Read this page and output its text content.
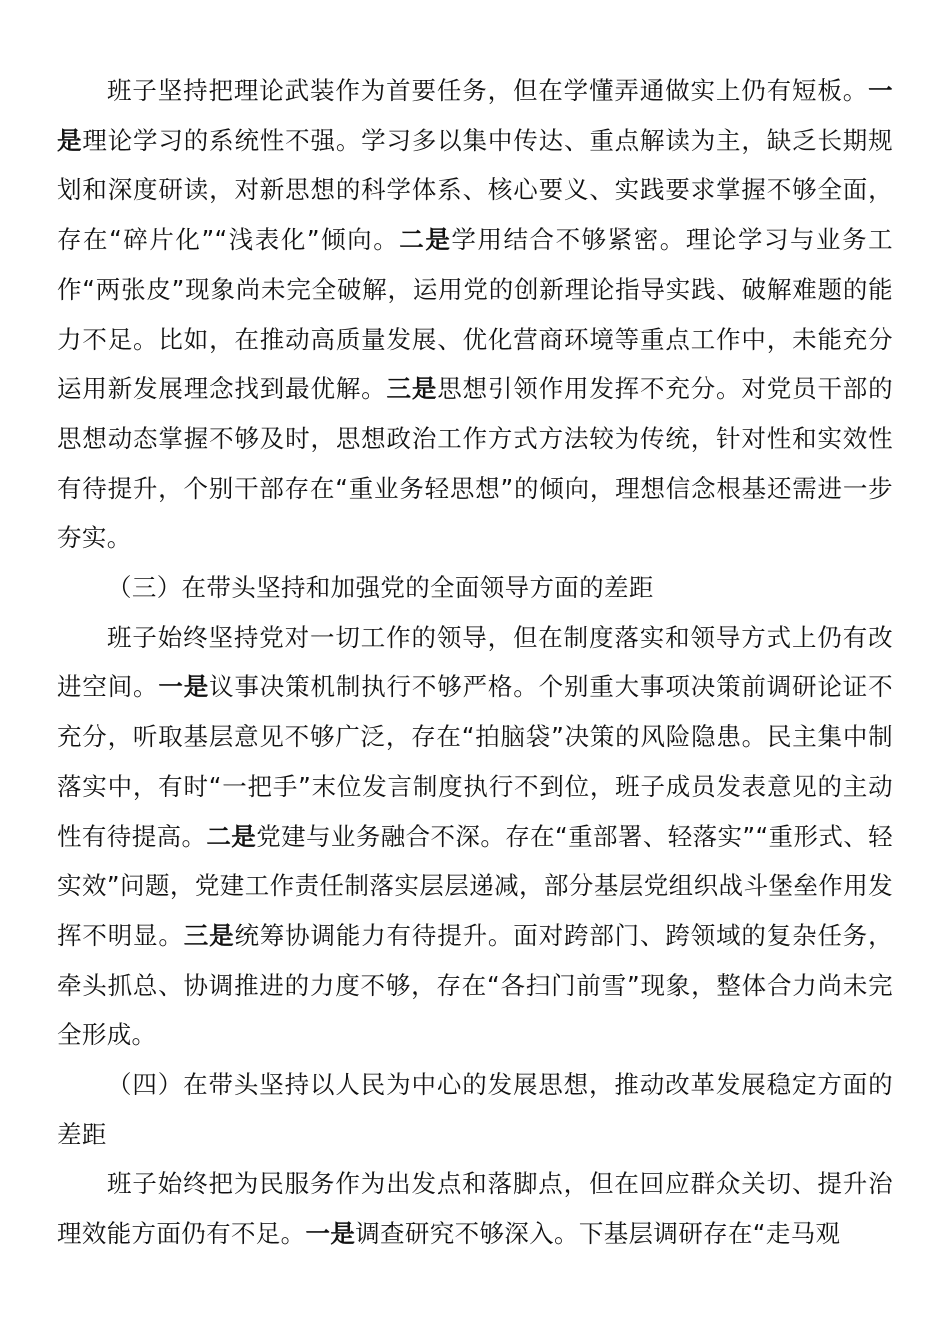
班子坚持把理论武装作为首要任务，但在学懂弄通做实上仍有短板。一是理论学习的系统性不强。学习多以集中传达、重点解读为主，缺乏长期规划和深度研读，对新思想的科学体系、核心要义、实践要求掌握不够全面，存在“碎片化”“浅表化”倾向。二是学用结合不够紧密。理论学习与业务工作“两张皮”现象尚未完全破解，运用党的创新理论指导实践、破解难题的能力不足。比如，在推动高质量发展、优化营商环境等重点工作中，未能充分运用新发展理念找到最优解。三是思想引领作用发挥不充分。对党员干部的思想动态掌握不够及时，思想政治工作方式方法较为传统，针对性和实效性有待提升，个别干部存在“重业务轻思想”的倾向，理想信念根基还需进一步夯实。

（三）在带头坚持和加强党的全面领导方面的差距

班子始终坚持党对一切工作的领导，但在制度落实和领导方式上仍有改进空间。一是议事决策机制执行不够严格。个别重大事项决策前调研论证不充分，听取基层意见不够广泛，存在“拍脑袋”决策的风险隐患。民主集中制落实中，有时“一把手”末位发言制度执行不到位，班子成员发表意见的主动性有待提高。二是党建与业务融合不深。存在“重部署、轻落实”“重形式、轻实效”问题，党建工作责任制落实层层递减，部分基层党组织战斗堡垒作用发挥不明显。三是统筹协调能力有待提升。面对跨部门、跨领域的复杂任务，牵头抓总、协调推进的力度不够，存在“各扫门前雪”现象，整体合力尚未完全形成。

（四）在带头坚持以人民为中心的发展思想，推动改革发展稳定方面的差距

班子始终把为民服务作为出发点和落脚点，但在回应群众关切、提升治理效能方面仍有不足。一是调查研究不够深入。下基层调研存在“走马观
